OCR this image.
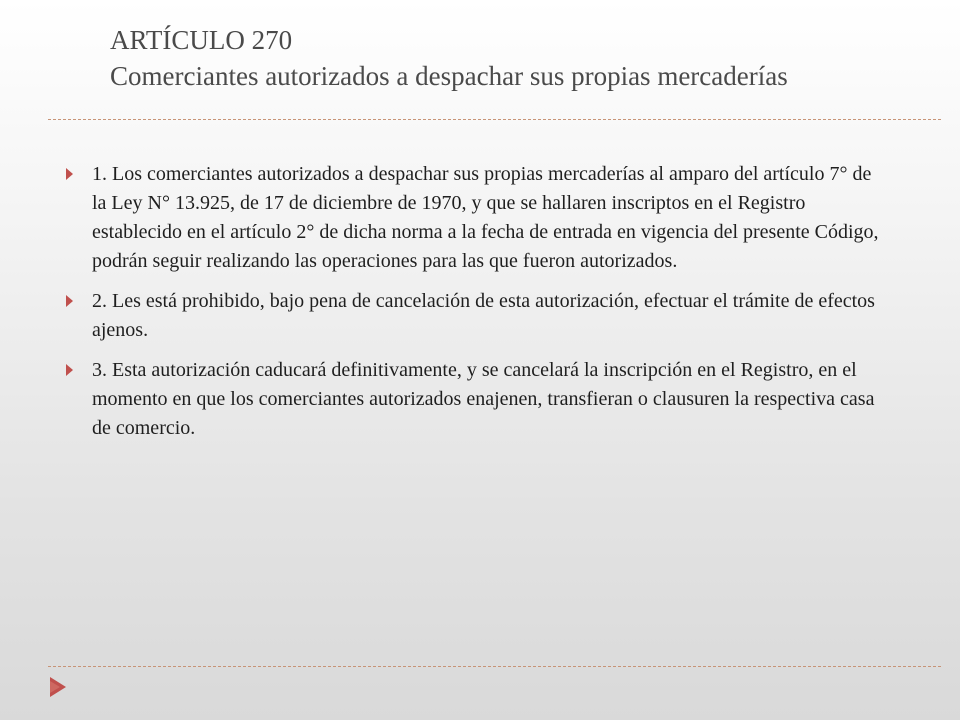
ARTÍCULO 270
Comerciantes autorizados a despachar sus propias mercaderías
1. Los comerciantes autorizados a despachar sus propias mercaderías al amparo del artículo 7° de la Ley N° 13.925, de 17 de diciembre de 1970, y que se hallaren inscriptos en el Registro establecido en el artículo 2° de dicha norma a la fecha de entrada en vigencia del presente Código, podrán seguir realizando las operaciones para las que fueron autorizados.
2. Les está prohibido, bajo pena de cancelación de esta autorización, efectuar el trámite de efectos ajenos.
3. Esta autorización caducará definitivamente, y se cancelará la inscripción en el Registro, en el momento en que los comerciantes autorizados enajenen, transfieran o clausuren la respectiva casa de comercio.
